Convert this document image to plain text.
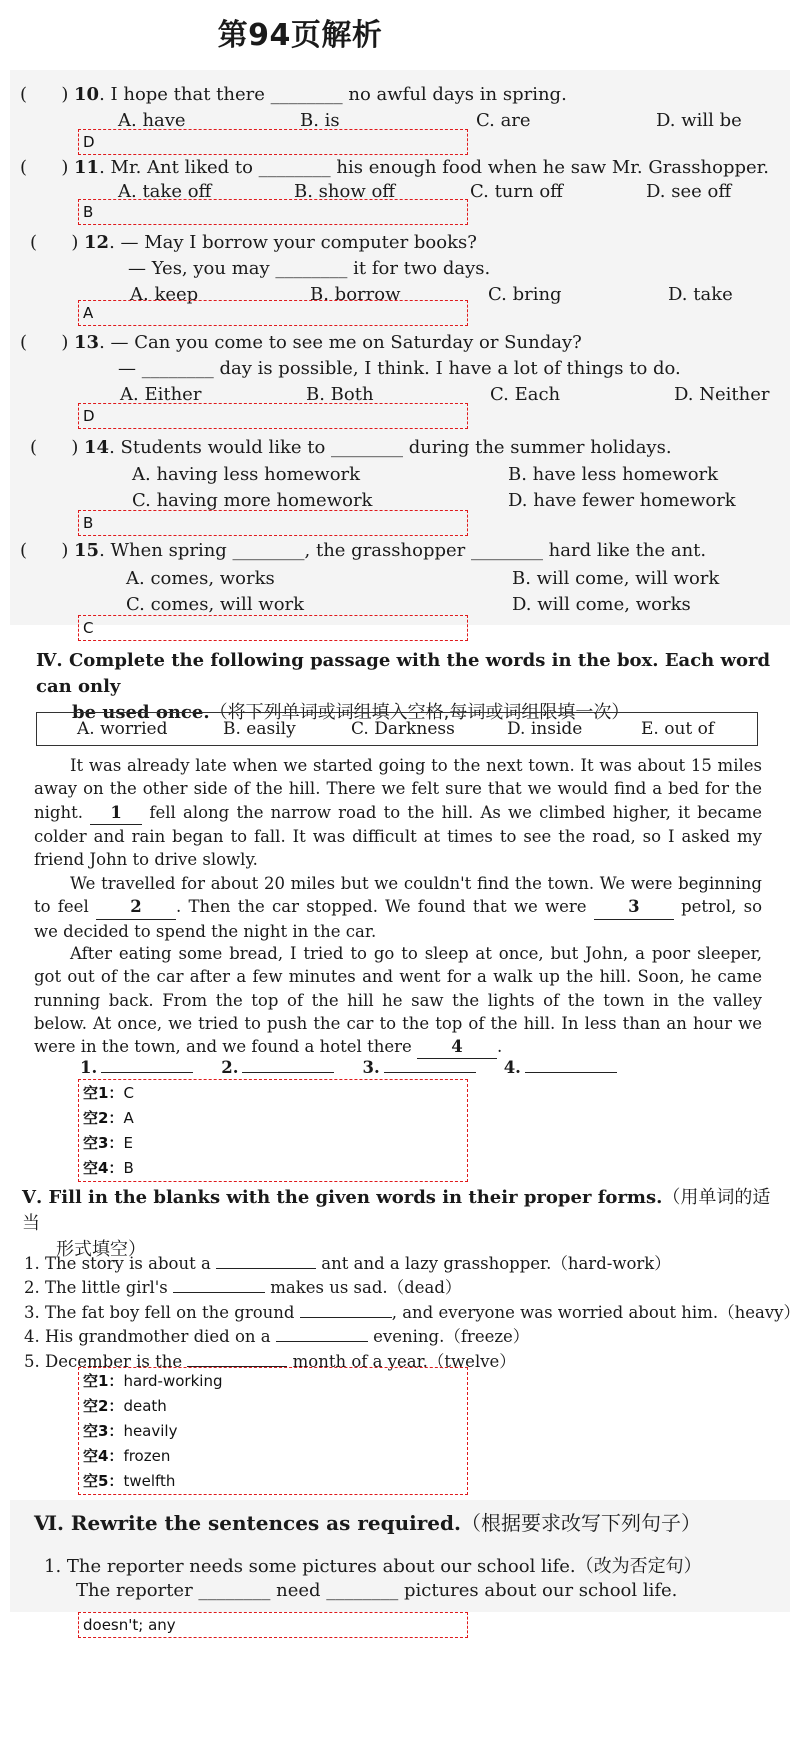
第94页解析
(      ) 10. I hope that there ________ no awful days in spring.
A. have	B. is	C. are	D. will be
D
(      ) 11. Mr. Ant liked to ________ his enough food when he saw Mr. Grasshopper.
A. take off	B. show off	C. turn off	D. see off
B
(      ) 12. — May I borrow your computer books?
— Yes, you may ________ it for two days.
A. keep	B. borrow	C. bring	D. take
A
(      ) 13. — Can you come to see me on Saturday or Sunday?
— ________ day is possible, I think. I have a lot of things to do.
A. Either	B. Both	C. Each	D. Neither
D
(      ) 14. Students would like to ________ during the summer holidays.
A. having less homework	B. have less homework
C. having more homework	D. have fewer homework
B
(      ) 15. When spring ________, the grasshopper ________ hard like the ant.
A. comes, works	B. will come, will work
C. comes, will work	D. will come, works
C
Ⅳ. Complete the following passage with the words in the box. Each word can only
be used once.（将下列单词或词组填入空格,每词或词组限填一次）
A. worried	B. easily	C. Darkness	D. inside	E. out of
It was already late when we started going to the next town. It was about 15 miles away on the other side of the hill. There we felt sure that we would find a bed for the night. 1 fell along the narrow road to the hill. As we climbed higher, it became colder and rain began to fall. It was difficult at times to see the road, so I asked my friend John to drive slowly.
We travelled for about 20 miles but we couldn't find the town. We were beginning to feel	2 . Then the car stopped. We found that we were	3	petrol, so we decided to spend the night in the car.
After eating some bread, I tried to go to sleep at once, but John, a poor sleeper, got out of the car after a few minutes and went for a walk up the hill. Soon, he came running back. From the top of the hill he saw the lights of the town in the valley below. At once, we tried to push the car to the top of the hill. In less than an hour we were in the town, and we found a hotel there 4 .
1.	2.	3.	4.
空1：C
空2：A
空3：E
空4：B
Ⅴ. Fill in the blanks with the given words in their proper forms.（用单词的适当
形式填空）
1. The story is about a	ant and a lazy grasshopper.（hard-work）
2. The little girl's	makes us sad.（dead）
3. The fat boy fell on the ground	, and everyone was worried about him.（heavy）
4. His grandmother died on a	evening.（freeze）
5. December is the	month of a year.（twelve）
空1：hard-working
空2：death
空3：heavily
空4：frozen
空5：twelfth
Ⅵ. Rewrite the sentences as required.（根据要求改写下列句子）
1. The reporter needs some pictures about our school life.（改为否定句）
The reporter ________ need ________ pictures about our school life.
doesn't; any
